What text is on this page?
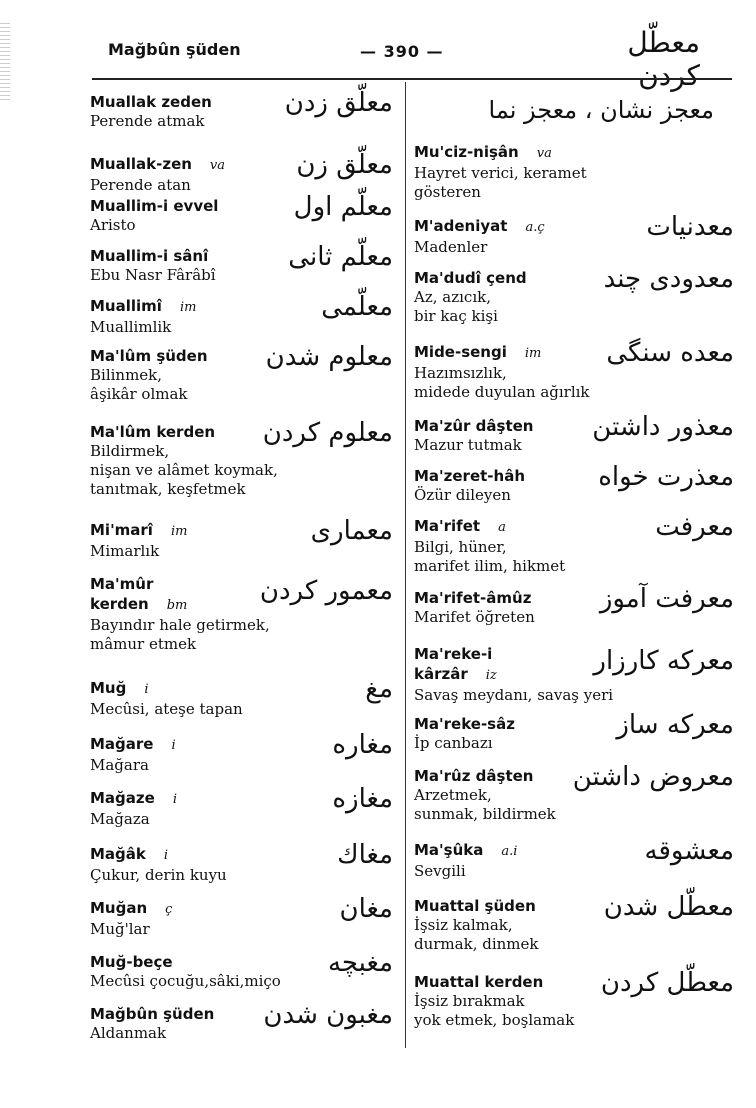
Mağbûn şüden	— 390 —	معطّل كردن
معجز نشان ، معجز نما
Muallak zeden
Perende atmak
معلّق زدن
Muallak-zen va
Perende atan
معلّق زن
Muallim-i evvel
Aristo
معلّم اول
Muallim-i sânî
Ebu Nasr Fârâbî
معلّم ثانی
Muallimî im
Muallimlik
معلّمی
Ma'lûm şüden
Bilinmek,
âşikâr olmak
معلوم شدن
Ma'lûm kerden
Bildirmek,
nişan ve alâmet koymak,
tanıtmak, keşfetmek
معلوم کردن
Mi'marî im
Mimarlık
معماری
Ma'mûr
kerden bm
Bayındır hale getirmek,
mâmur etmek
معمور کردن
Muğ i
Mecûsi, ateşe tapan
مغ
Mağare i
Mağara
مغاره
Mağaze i
Mağaza
مغازه
Mağâk i
Çukur, derin kuyu
مغاك
Muğan ç
Muğ'lar
مغان
Muğ-beçe
Mecûsi çocuğu,sâki,miço
مغبچه
Mağbûn şüden
Aldanmak
مغبون شدن
Mu'ciz-nişân va
Hayret verici, keramet
gösteren
M'adeniyat a.ç
Madenler
معدنیات
Ma'dudî çend
Az, azıcık,
bir kaç kişi
معدودی چند
Mide-sengi im
Hazımsızlık,
midede duyulan ağırlık
معده سنگی
Ma'zûr dâşten
Mazur tutmak
معذور داشتن
Ma'zeret-hâh
Özür dileyen
معذرت خواه
Ma'rifet a
Bilgi, hüner,
marifet ilim, hikmet
معرفت
Ma'rifet-âmûz
Marifet öğreten
معرفت آموز
Ma'reke-i
kârzâr iz
Savaş meydanı, savaş yeri
معرکه کارزار
Ma'reke-sâz
İp canbazı
معرکه ساز
Ma'rûz dâşten
Arzetmek,
sunmak, bildirmek
معروض داشتن
Ma'şûka a.i
Sevgili
معشوقه
Muattal şüden
İşsiz kalmak,
durmak, dinmek
معطّل شدن
Muattal kerden
İşsiz bırakmak
yok etmek, boşlamak
معطّل کردن
